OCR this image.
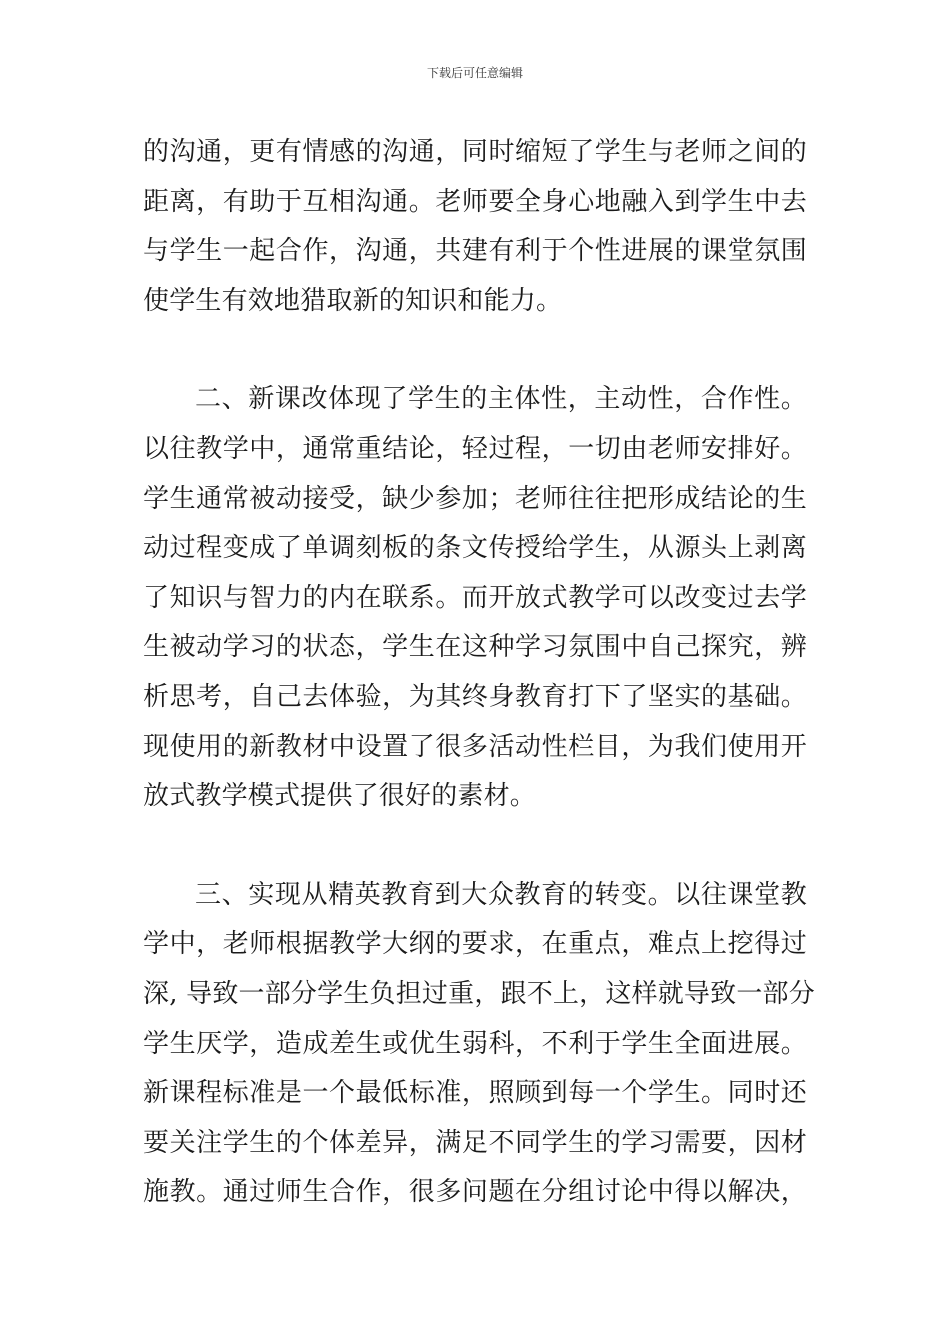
下载后可任意编辑
的沟通，更有情感的沟通，同时缩短了学生与老师之间的
距离，有助于互相沟通。老师要全身心地融入到学生中去
与学生一起合作，沟通，共建有利于个性进展的课堂氛围
使学生有效地猎取新的知识和能力。
二、新课改体现了学生的主体性，主动性，合作性。
以往教学中，通常重结论，轻过程，一切由老师安排好。
学生通常被动接受，缺少参加；老师往往把形成结论的生
动过程变成了单调刻板的条文传授给学生，从源头上剥离
了知识与智力的内在联系。而开放式教学可以改变过去学
生被动学习的状态，学生在这种学习氛围中自己探究，辨
析思考，自己去体验，为其终身教育打下了坚实的基础。
现使用的新教材中设置了很多活动性栏目，为我们使用开
放式教学模式提供了很好的素材。
三、实现从精英教育到大众教育的转变。以往课堂教
学中，老师根据教学大纲的要求，在重点，难点上挖得过
深, 导致一部分学生负担过重，跟不上，这样就导致一部分
学生厌学，造成差生或优生弱科，不利于学生全面进展。
新课程标准是一个最低标准，照顾到每一个学生。同时还
要关注学生的个体差异，满足不同学生的学习需要，因材
施教。通过师生合作，很多问题在分组讨论中得以解决，
